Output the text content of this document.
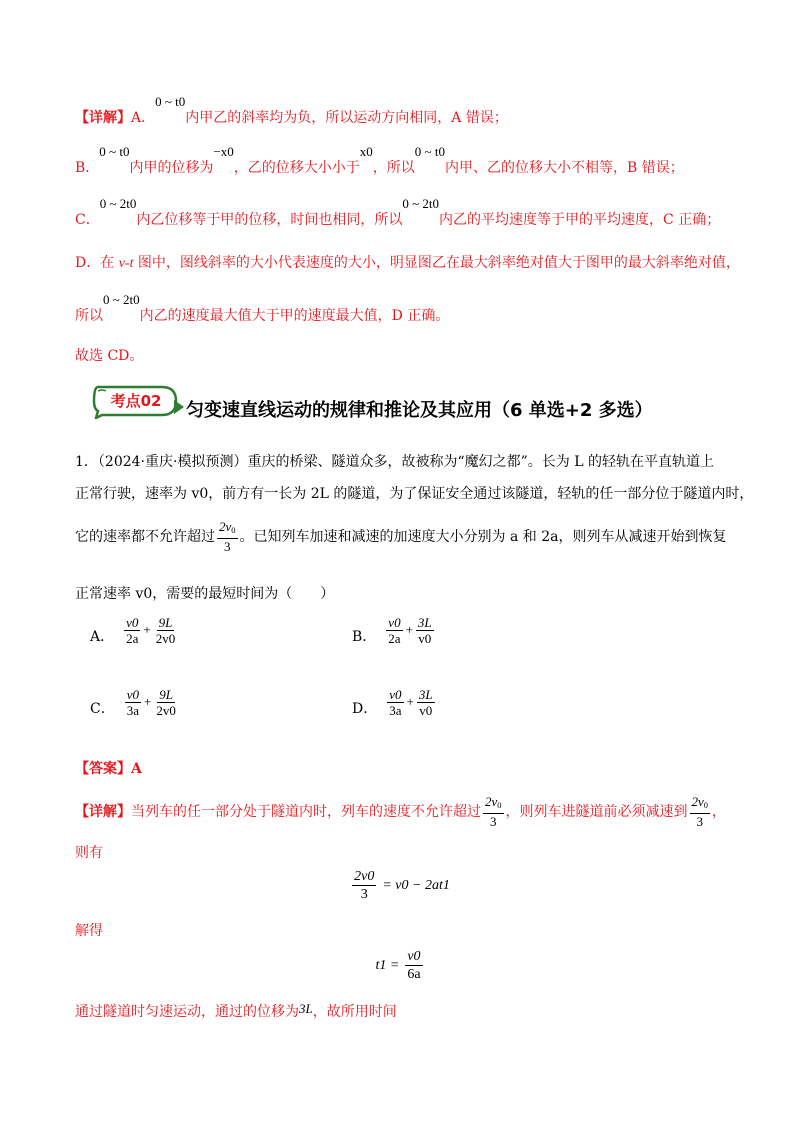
【详解】A．0 ~ t0内甲乙的斜率均为负，所以运动方向相同，A 错误；
B．0 ~ t0内甲的位移为−x0，乙的位移大小小于x0，所以0 ~ t0内甲、乙的位移大小不相等，B 错误；
C．0 ~ 2t0内乙位移等于甲的位移，时间也相同，所以0 ~ 2t0内乙的平均速度等于甲的平均速度，C 正确；
D．在 v-t 图中，图线斜率的大小代表速度的大小，明显图乙在最大斜率绝对值大于图甲的最大斜率绝对值，
所以0 ~ 2t0内乙的速度最大值大于甲的速度最大值，D 正确。
故选 CD。
考点02	匀变速直线运动的规律和推论及其应用（6 单选+2 多选）
1．（2024·重庆·模拟预测）重庆的桥梁、隧道众多，故被称为“魔幻之都”。长为 L 的轻轨在平直轨道上
正常行驶，速率为 v0，前方有一长为 2L 的隧道，为了保证安全通过该隧道，轻轨的任一部分位于隧道内时，
它的速率都不允许超过 $\frac{2v_0}{3}$ 。已知列车加速和减速的加速度大小分别为 a 和 2a，则列车从减速开始到恢复
正常速率 v0，需要的最短时间为（　　）
A． $\frac{v0}{2a} + \frac{9L}{2v0}$	B． $\frac{v0}{2a} + \frac{3L}{v0}$
C． $\frac{v0}{3a} + \frac{9L}{2v0}$	D． $\frac{v0}{3a} + \frac{3L}{v0}$
【答案】A
【详解】 当列车的任一部分处于隧道内时，列车的速度不允许超过 $\frac{2v_0}{3}$ ，则列车进隧道前必须减速到 $\frac{2v_0}{3}$ ，
则有
$\frac{2v0}{3} = v0 - 2at1$
解得
$t1 = \frac{v0}{6a}$
通过隧道时匀速运动，通过的位移为3L，故所用时间
